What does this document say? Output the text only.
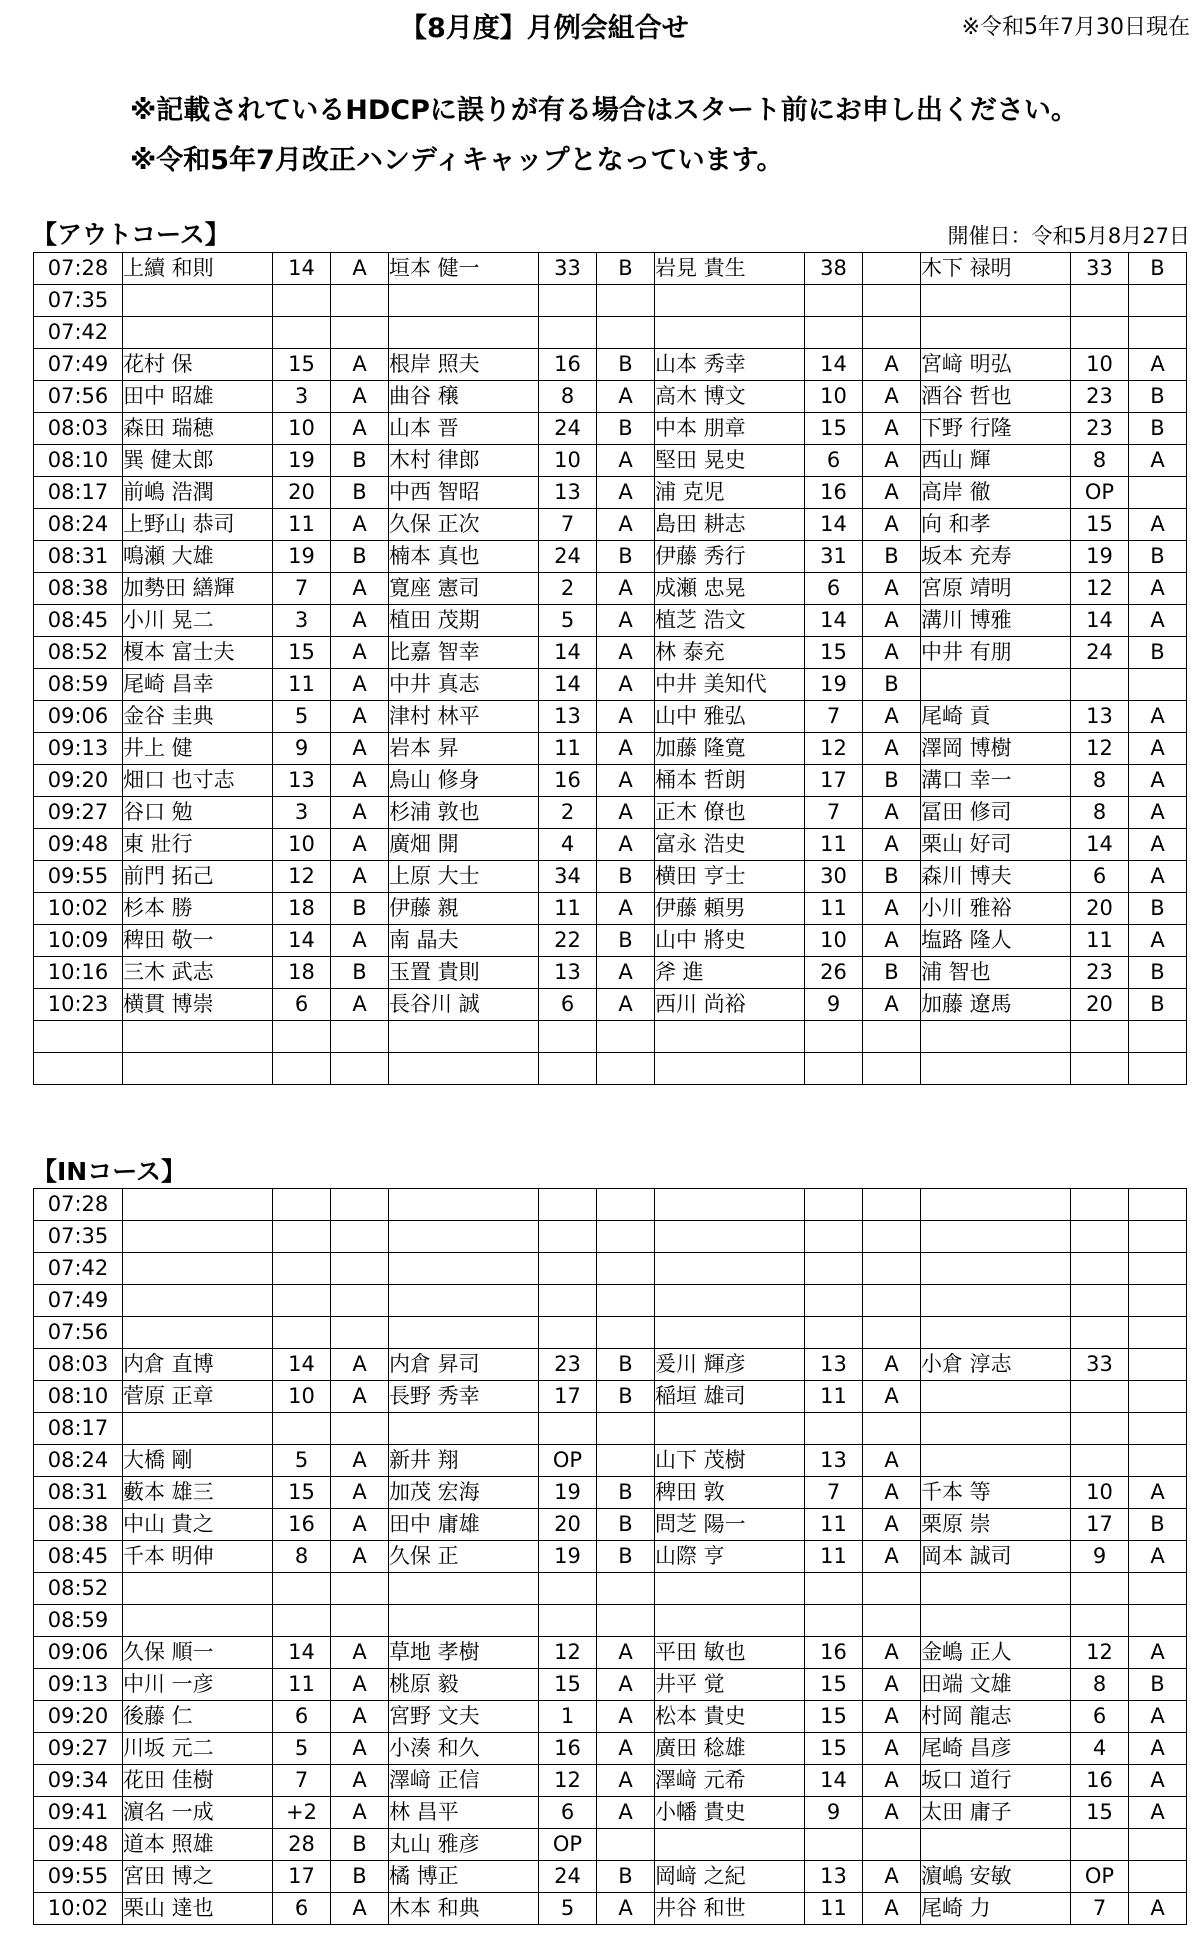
【8月度】月例会組合せ	※令和5年7月30日現在
※記載されているHDCPに誤りが有る場合はスタート前にお申し出ください。
※令和5年7月改正ハンディキャップとなっています。
【アウトコース】	開催日：令和5月8月27日
07:28	上續 和則	14	A	垣本 健一	33	B	岩見 貴生	38		木下 禄明	33	B
07:35												
07:42												
07:49	花村 保	15	A	根岸 照夫	16	B	山本 秀幸	14	A	宮﨑 明弘	10	A
07:56	田中 昭雄	3	A	曲谷 穣	8	A	高木 博文	10	A	酒谷 哲也	23	B
08:03	森田 瑞穂	10	A	山本 晋	24	B	中本 朋章	15	A	下野 行隆	23	B
08:10	巽 健太郎	19	B	木村 律郎	10	A	堅田 晃史	6	A	西山 輝	8	A
08:17	前嶋 浩潤	20	B	中西 智昭	13	A	浦 克児	16	A	高岸 徹	OP	
08:24	上野山 恭司	11	A	久保 正次	7	A	島田 耕志	14	A	向 和孝	15	A
08:31	鳴瀬 大雄	19	B	楠本 真也	24	B	伊藤 秀行	31	B	坂本 充寿	19	B
08:38	加勢田 繕輝	7	A	寛座 憲司	2	A	成瀬 忠晃	6	A	宮原 靖明	12	A
08:45	小川 晃二	3	A	植田 茂期	5	A	植芝 浩文	14	A	溝川 博雅	14	A
08:52	榎本 富士夫	15	A	比嘉 智幸	14	A	林 泰充	15	A	中井 有朋	24	B
08:59	尾崎 昌幸	11	A	中井 真志	14	A	中井 美知代	19	B			
09:06	金谷 圭典	5	A	津村 林平	13	A	山中 雅弘	7	A	尾崎 貢	13	A
09:13	井上 健	9	A	岩本 昇	11	A	加藤 隆寛	12	A	澤岡 博樹	12	A
09:20	畑口 也寸志	13	A	鳥山 修身	16	A	桶本 哲朗	17	B	溝口 幸一	8	A
09:27	谷口 勉	3	A	杉浦 敦也	2	A	正木 僚也	7	A	冨田 修司	8	A
09:48	東 壯行	10	A	廣畑 開	4	A	富永 浩史	11	A	栗山 好司	14	A
09:55	前門 拓己	12	A	上原 大士	34	B	横田 亨士	30	B	森川 博夫	6	A
10:02	杉本 勝	18	B	伊藤 親	11	A	伊藤 頼男	11	A	小川 雅裕	20	B
10:09	稗田 敬一	14	A	南 晶夫	22	B	山中 將史	10	A	塩路 隆人	11	A
10:16	三木 武志	18	B	玉置 貴則	13	A	斧 進	26	B	浦 智也	23	B
10:23	横貫 博崇	6	A	長谷川 誠	6	A	西川 尚裕	9	A	加藤 遼馬	20	B

【INコース】
07:28												
07:35												
07:42												
07:49												
07:56												
08:03	内倉 直博	14	A	内倉 昇司	23	B	爰川 輝彦	13	A	小倉 淳志	33	
08:10	菅原 正章	10	A	長野 秀幸	17	B	稲垣 雄司	11	A			
08:17												
08:24	大橋 剛	5	A	新井 翔	OP		山下 茂樹	13	A			
08:31	藪本 雄三	15	A	加茂 宏海	19	B	稗田 敦	7	A	千本 等	10	A
08:38	中山 貴之	16	A	田中 庸雄	20	B	問芝 陽一	11	A	栗原 崇	17	B
08:45	千本 明伸	8	A	久保 正	19	B	山際 亨	11	A	岡本 誠司	9	A
08:52												
08:59												
09:06	久保 順一	14	A	草地 孝樹	12	A	平田 敏也	16	A	金嶋 正人	12	A
09:13	中川 一彦	11	A	桃原 毅	15	A	井平 覚	15	A	田端 文雄	8	B
09:20	後藤 仁	6	A	宮野 文夫	1	A	松本 貴史	15	A	村岡 龍志	6	A
09:27	川坂 元二	5	A	小湊 和久	16	A	廣田 稔雄	15	A	尾崎 昌彦	4	A
09:34	花田 佳樹	7	A	澤﨑 正信	12	A	澤﨑 元希	14	A	坂口 道行	16	A
09:41	濵名 一成	+2	A	林 昌平	6	A	小幡 貴史	9	A	太田 庸子	15	A
09:48	道本 照雄	28	B	丸山 雅彦	OP							
09:55	宮田 博之	17	B	橘 博正	24	B	岡﨑 之紀	13	A	濵嶋 安敏	OP	
10:02	栗山 達也	6	A	木本 和典	5	A	井谷 和世	11	A	尾崎 力	7	A
